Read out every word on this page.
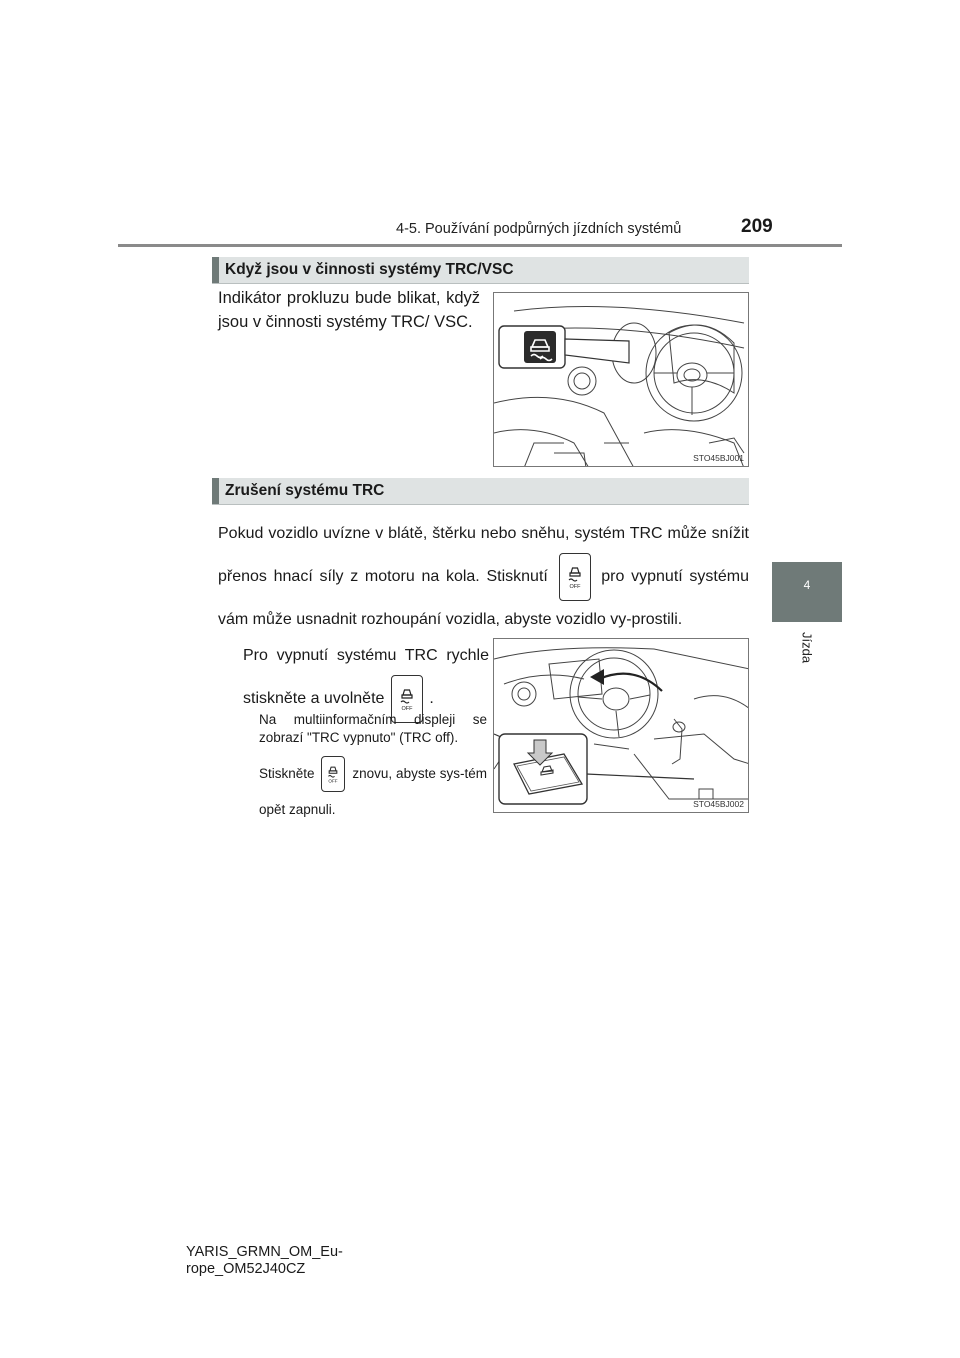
4-5. Používání podpůrných jízdních systémů	209
4
Jízda
Když jsou v činnosti systémy TRC/VSC
Indikátor prokluzu bude blikat, když jsou v činnosti systémy TRC/ VSC.
STO45BJ001
Zrušení systému TRC
Pokud vozidlo uvízne v blátě, štěrku nebo sněhu, systém TRC může snížit přenos hnací síly z motoru na kola. Stisknutí
OFF
pro vypnutí systému vám může usnadnit rozhoupání vozidla, abyste vozidlo vy-prostili.
Pro vypnutí systému TRC rychle stiskněte a uvolněte
OFF
.
Na multiinformačním displeji se zobrazí "TRC vypnuto" (TRC off).
Stiskněte
OFF
znovu, abyste sys-tém opět zapnuli.	STO45BJ002
YARIS_GRMN_OM_Eu-
rope_OM52J40CZ
